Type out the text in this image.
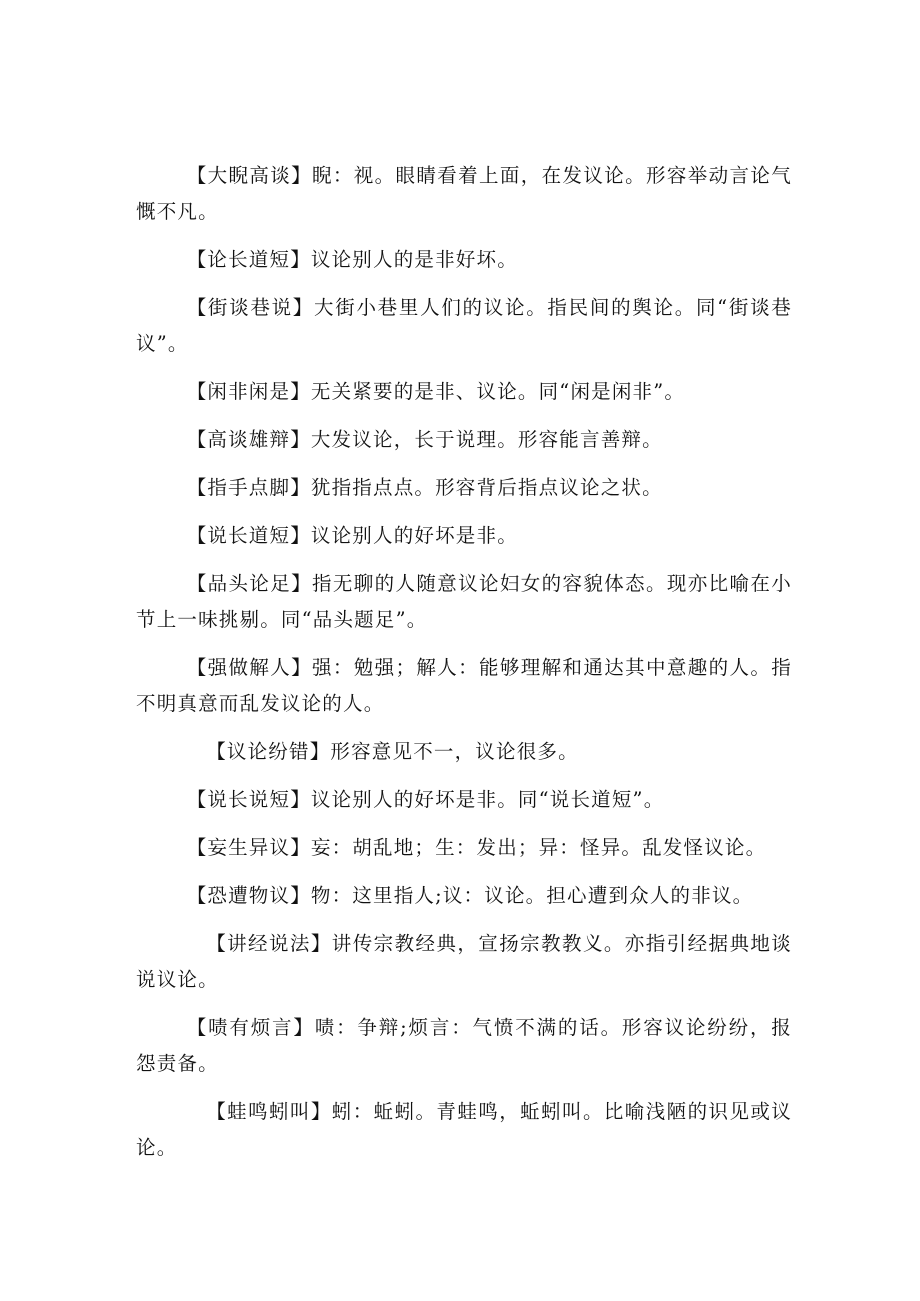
【大睨高谈】睨：视。眼睛看着上面，在发议论。形容举动言论气慨不凡。

【论长道短】议论别人的是非好坏。

【街谈巷说】大街小巷里人们的议论。指民间的舆论。同“街谈巷议”。

【闲非闲是】无关紧要的是非、议论。同“闲是闲非”。

【高谈雄辩】大发议论，长于说理。形容能言善辩。

【指手点脚】犹指指点点。形容背后指点议论之状。

【说长道短】议论别人的好坏是非。

【品头论足】指无聊的人随意议论妇女的容貌体态。现亦比喻在小节上一味挑剔。同“品头题足”。

【强做解人】强：勉强；解人：能够理解和通达其中意趣的人。指不明真意而乱发议论的人。

【议论纷错】形容意见不一，议论很多。

【说长说短】议论别人的好坏是非。同“说长道短”。

【妄生异议】妄：胡乱地；生：发出；异：怪异。乱发怪议论。

【恐遭物议】物：这里指人;议：议论。担心遭到众人的非议。

【讲经说法】讲传宗教经典，宣扬宗教教义。亦指引经据典地谈说议论。

【啧有烦言】啧：争辩;烦言：气愤不满的话。形容议论纷纷，报怨责备。

【蛙鸣蚓叫】蚓：蚯蚓。青蛙鸣，蚯蚓叫。比喻浅陋的识见或议论。
